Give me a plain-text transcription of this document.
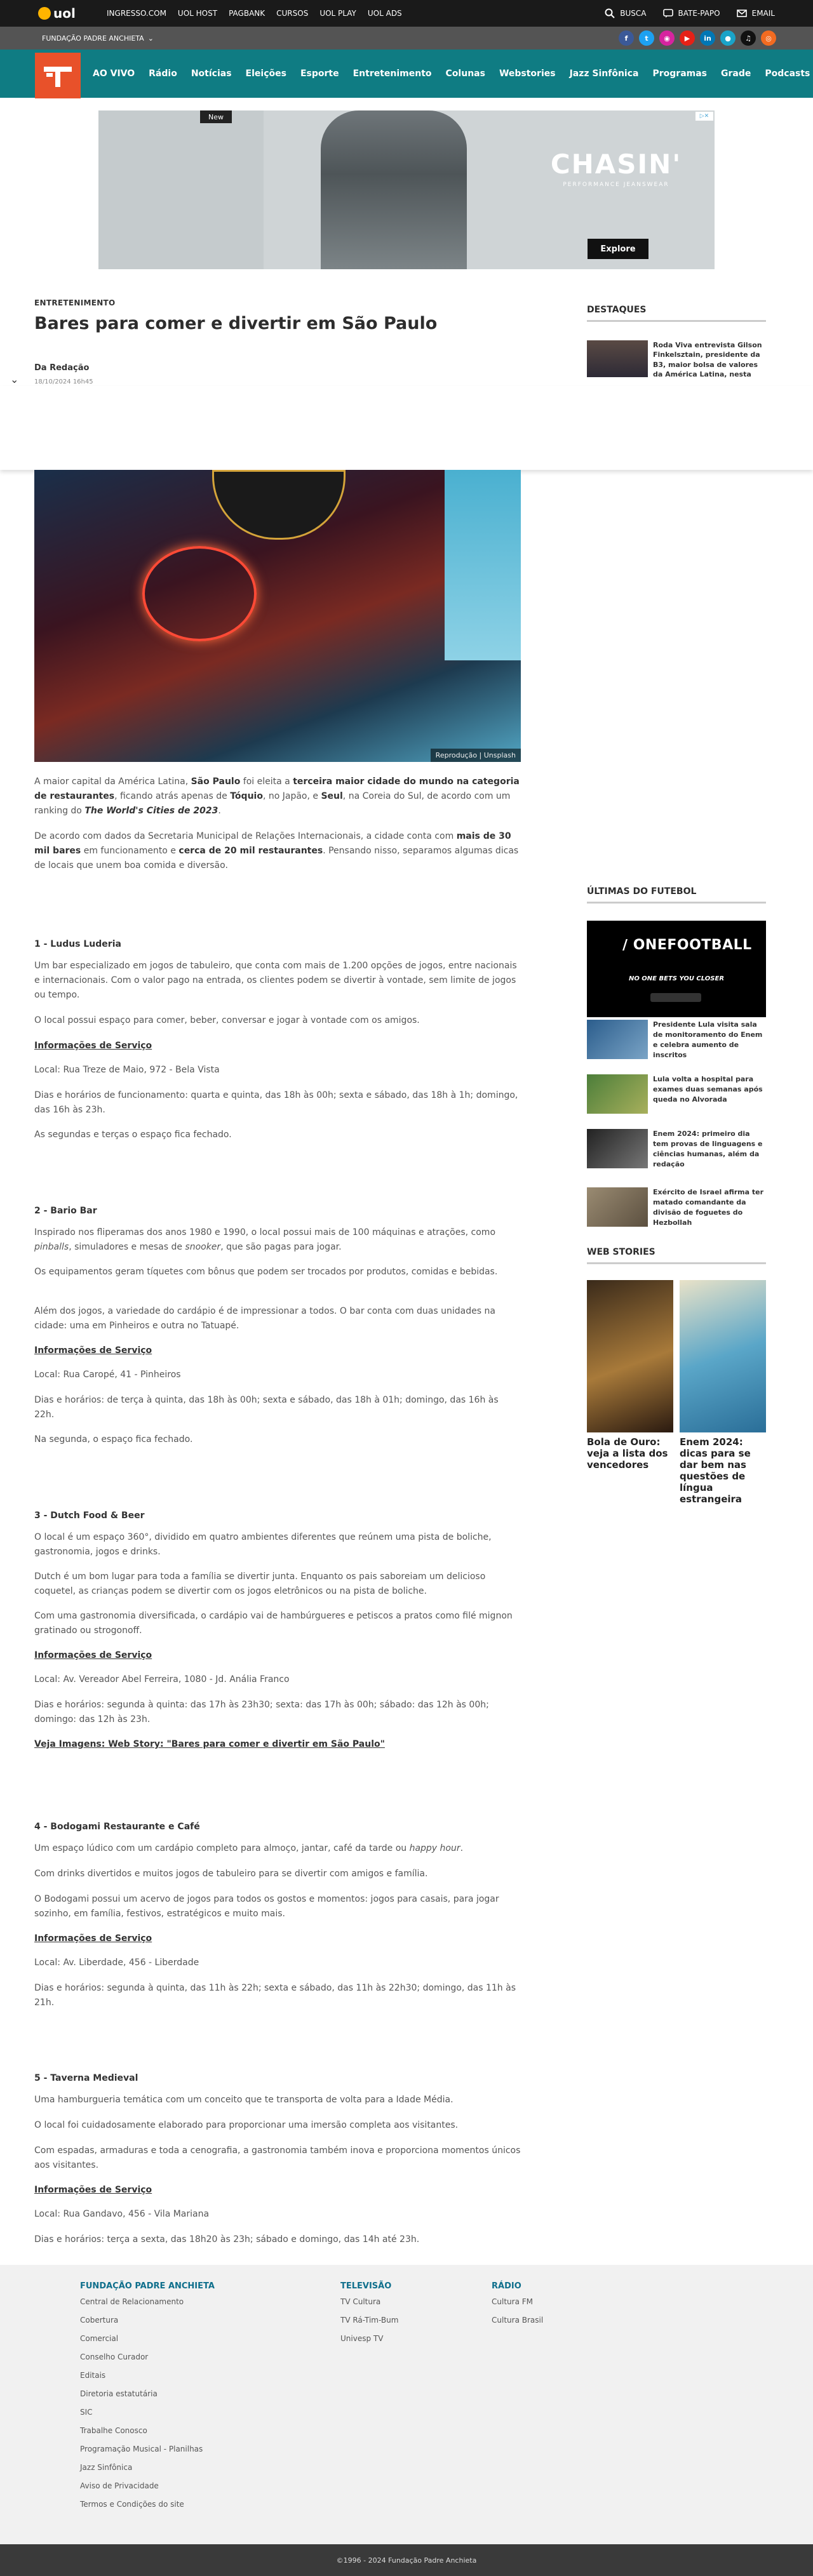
uol	INGRESSO.COM UOL HOST PAGBANK CURSOS UOL PLAY UOL ADS	BUSCA	BATE-PAPO	EMAIL
FUNDAÇÃO PADRE ANCHIETA ⌄	f	t	◉	▶	in	●	♫	◎
AO VIVO Rádio Notícias Eleições Esporte Entretenimento Colunas Webstories Jazz Sinfônica Programas Grade Podcasts
New
CHASIN'
PERFORMANCE JEANSWEAR
Explore
▷✕
ENTRETENIMENTO
Bares para comer e divertir em São Paulo
Da Redação
18/10/2024 16h45
DESTAQUES
Roda Viva entrevista Gilson Finkelsztain, presidente da B3, maior bolsa de valores da América Latina, nesta
⌄
Reprodução | Unsplash
A maior capital da América Latina, São Paulo foi eleita a terceira maior cidade do mundo na categoria de restaurantes, ficando atrás apenas de Tóquio, no Japão, e Seul, na Coreia do Sul, de acordo com um ranking do The World's Cities de 2023.
De acordo com dados da Secretaria Municipal de Relações Internacionais, a cidade conta com mais de 30 mil bares em funcionamento e cerca de 20 mil restaurantes. Pensando nisso, separamos algumas dicas de locais que unem boa comida e diversão.
1 - Ludus Luderia
Um bar especializado em jogos de tabuleiro, que conta com mais de 1.200 opções de jogos, entre nacionais e internacionais. Com o valor pago na entrada, os clientes podem se divertir à vontade, sem limite de jogos ou tempo.
O local possui espaço para comer, beber, conversar e jogar à vontade com os amigos.
Informações de Serviço
Local: Rua Treze de Maio, 972 - Bela Vista
Dias e horários de funcionamento: quarta e quinta, das 18h às 00h; sexta e sábado, das 18h à 1h; domingo, das 16h às 23h.
As segundas e terças o espaço fica fechado.
2 - Bario Bar
Inspirado nos fliperamas dos anos 1980 e 1990, o local possui mais de 100 máquinas e atrações, como pinballs, simuladores e mesas de snooker, que são pagas para jogar.
Os equipamentos geram tíquetes com bônus que podem ser trocados por produtos, comidas e bebidas.
Além dos jogos, a variedade do cardápio é de impressionar a todos. O bar conta com duas unidades na cidade: uma em Pinheiros e outra no Tatuapé.
Informações de Serviço
Local: Rua Caropé, 41 - Pinheiros
Dias e horários: de terça à quinta, das 18h às 00h; sexta e sábado, das 18h à 01h; domingo, das 16h às 22h.
Na segunda, o espaço fica fechado.
3 - Dutch Food & Beer
O local é um espaço 360°, dividido em quatro ambientes diferentes que reúnem uma pista de boliche, gastronomia, jogos e drinks.
Dutch é um bom lugar para toda a família se divertir junta. Enquanto os pais saboreiam um delicioso coquetel, as crianças podem se divertir com os jogos eletrônicos ou na pista de boliche.
Com uma gastronomia diversificada, o cardápio vai de hambúrgueres e petiscos a pratos como filé mignon gratinado ou strogonoff.
Informações de Serviço
Local: Av. Vereador Abel Ferreira, 1080 - Jd. Anália Franco
Dias e horários: segunda à quinta: das 17h às 23h30; sexta: das 17h às 00h; sábado: das 12h às 00h; domingo: das 12h às 23h.
Veja Imagens: Web Story: "Bares para comer e divertir em São Paulo"
4 - Bodogami Restaurante e Café
Um espaço lúdico com um cardápio completo para almoço, jantar, café da tarde ou happy hour.
Com drinks divertidos e muitos jogos de tabuleiro para se divertir com amigos e família.
O Bodogami possui um acervo de jogos para todos os gostos e momentos: jogos para casais, para jogar sozinho, em família, festivos, estratégicos e muito mais.
Informações de Serviço
Local: Av. Liberdade, 456 - Liberdade
Dias e horários: segunda à quinta, das 11h às 22h; sexta e sábado, das 11h às 22h30; domingo, das 11h às 21h.
5 - Taverna Medieval
Uma hamburgueria temática com um conceito que te transporta de volta para a Idade Média.
O local foi cuidadosamente elaborado para proporcionar uma imersão completa aos visitantes.
Com espadas, armaduras e toda a cenografia, a gastronomia também inova e proporciona momentos únicos aos visitantes.
Informações de Serviço
Local: Rua Gandavo, 456 - Vila Mariana
Dias e horários: terça a sexta, das 18h20 às 23h; sábado e domingo, das 14h até 23h.
ÚLTIMAS DO FUTEBOL
∕ ONEFOOTBALL
NO ONE BETS YOU CLOSER
Presidente Lula visita sala de monitoramento do Enem e celebra aumento de inscritos
Lula volta a hospital para exames duas semanas após queda no Alvorada
Enem 2024: primeiro dia tem provas de linguagens e ciências humanas, além da redação
Exército de Israel afirma ter matado comandante da divisão de foguetes do Hezbollah
WEB STORIES
Bola de Ouro: veja a lista dos vencedores
Enem 2024: dicas para se dar bem nas questões de língua estrangeira
FUNDAÇÃO PADRE ANCHIETA
Central de Relacionamento
Cobertura
Comercial
Conselho Curador
Editais
Diretoria estatutária
SIC
Trabalhe Conosco
Programação Musical - Planilhas
Jazz Sinfônica
Aviso de Privacidade
Termos e Condições do site
TELEVISÃO
TV Cultura
TV Rá-Tim-Bum
Univesp TV
RÁDIO
Cultura FM
Cultura Brasil
©1996 - 2024 Fundação Padre Anchieta
